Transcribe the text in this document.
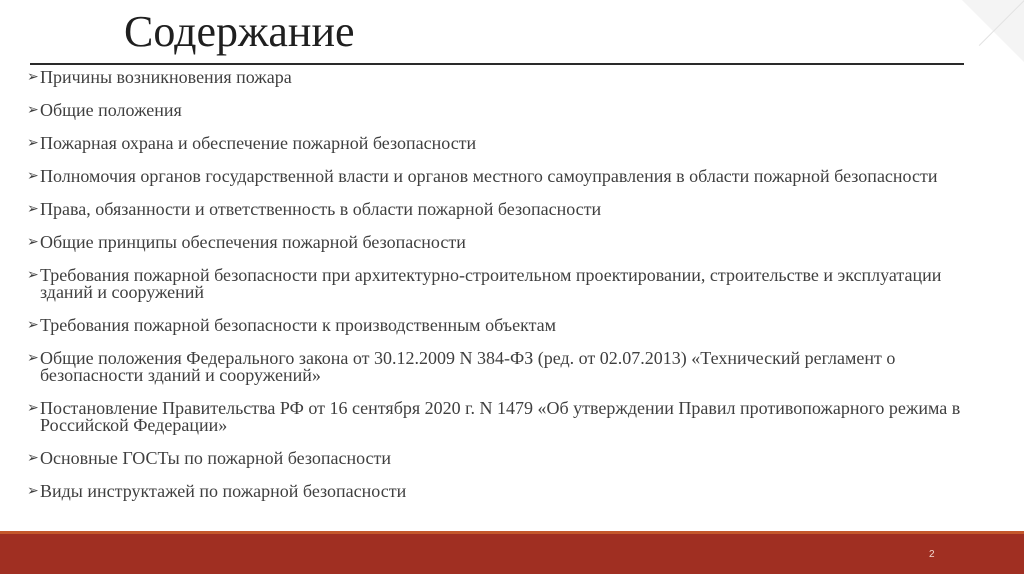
Содержание
➢ Причины возникновения пожара
➢ Общие положения
➢ Пожарная охрана и обеспечение пожарной безопасности
➢ Полномочия органов государственной власти и органов местного самоуправления в области пожарной безопасности
➢ Права, обязанности и ответственность в области пожарной безопасности
➢ Общие принципы обеспечения пожарной безопасности
➢ Требования пожарной безопасности при архитектурно-строительном проектировании, строительстве и эксплуатации зданий и сооружений
➢ Требования пожарной безопасности к производственным объектам
➢ Общие положения Федерального закона от 30.12.2009 N 384-ФЗ (ред. от 02.07.2013) «Технический регламент о безопасности зданий и сооружений»
➢ Постановление Правительства РФ от 16 сентября 2020 г. N 1479 «Об утверждении Правил противопожарного режима в Российской Федерации»
➢ Основные ГОСТы по пожарной безопасности
➢ Виды инструктажей по пожарной безопасности
2
